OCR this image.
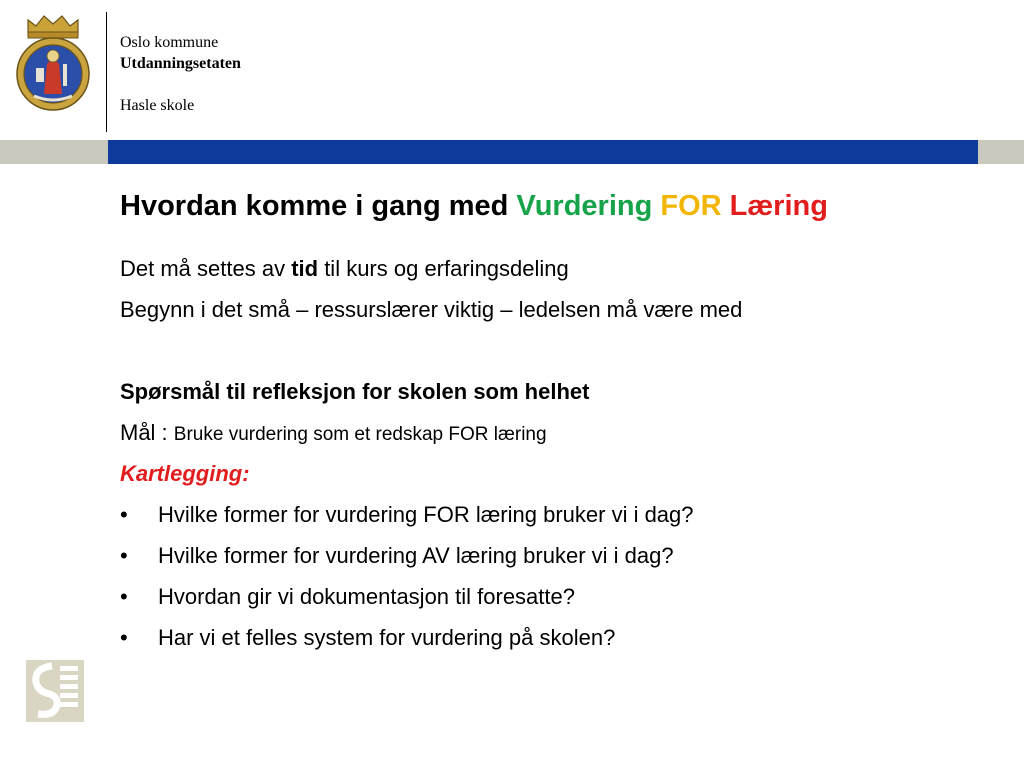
Oslo kommune
Utdanningsetaten
Hasle skole
Hvordan komme i gang med Vurdering FOR Læring
Det må settes av tid til kurs og erfaringsdeling
Begynn i det små – ressurslærer viktig – ledelsen må være med
Spørsmål til refleksjon for skolen som helhet
Mål : Bruke vurdering som et redskap FOR læring
Kartlegging:
•	Hvilke former for vurdering FOR læring bruker vi i dag?
•	Hvilke former for vurdering AV læring bruker vi i dag?
•	Hvordan gir vi dokumentasjon til foresatte?
•	Har vi et felles system for vurdering på skolen?
